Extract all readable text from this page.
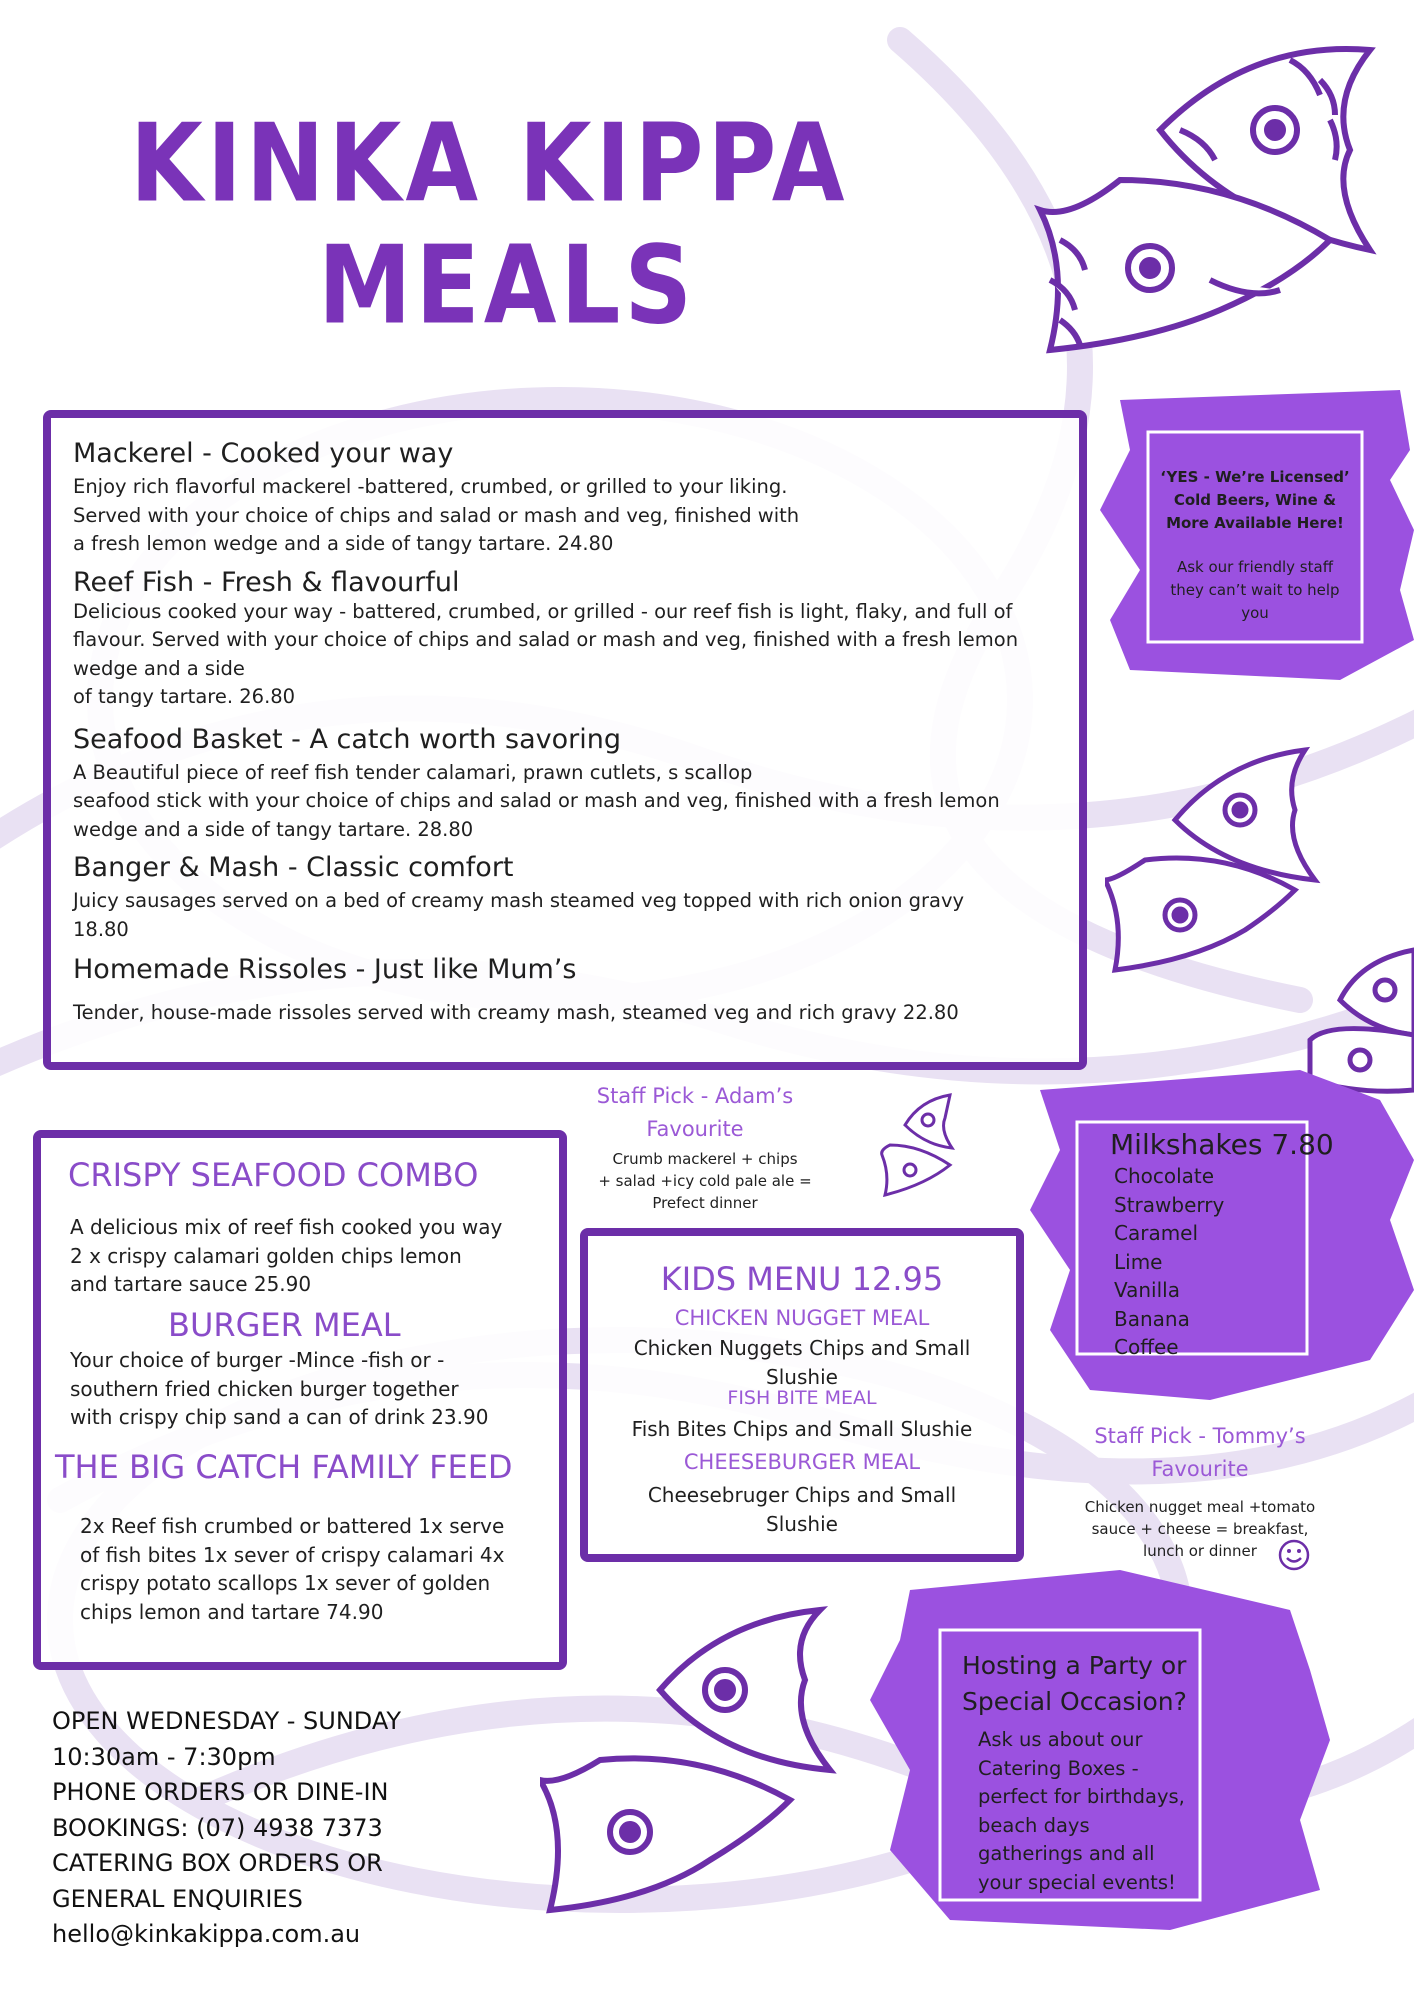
KINKA KIPPA
MEALS

Mackerel - Cooked your way

Enjoy rich flavorful mackerel -battered, crumbed, or grilled to your liking.
Served with your choice of chips and salad or mash and veg, finished with
a fresh lemon wedge and a side of tangy tartare. 24.80

Reef Fish - Fresh & flavourful

Delicious cooked your way - battered, crumbed, or grilled - our reef fish is light, flaky, and full of
flavour. Served with your choice of chips and salad or mash and veg, finished with a fresh lemon
wedge and a side
of tangy tartare. 26.80

Seafood Basket - A catch worth savoring

A Beautiful piece of reef fish tender calamari, prawn cutlets, s scallop
seafood stick with your choice of chips and salad or mash and veg, finished with a fresh lemon
wedge and a side of tangy tartare. 28.80

Banger & Mash - Classic comfort

Juicy sausages served on a bed of creamy mash steamed veg topped with rich onion gravy
18.80

Homemade Rissoles - Just like Mum’s

Tender, house-made rissoles served with creamy mash, steamed veg and rich gravy 22.80

‘YES - We’re Licensed’
Cold Beers, Wine &
More Available Here!
Ask our friendly staff
they can’t wait to help
you
Staff Pick - Adam’s
Favourite
Crumb mackerel + chips
+ salad +icy cold pale ale =
Prefect dinner
CRISPY SEAFOOD COMBO
A delicious mix of reef fish cooked you way
2 x crispy calamari golden chips lemon
and tartare sauce 25.90
BURGER MEAL
Your choice of burger -Mince -fish or -
southern fried chicken burger together
with crispy chip sand a can of drink 23.90
THE BIG CATCH FAMILY FEED
2x Reef fish crumbed or battered 1x serve
of fish bites 1x sever of crispy calamari 4x
crispy potato scallops 1x sever of golden
chips lemon and tartare 74.90
KIDS MENU 12.95
CHICKEN NUGGET MEAL
Chicken Nuggets Chips and Small
Slushie
FISH BITE MEAL
Fish Bites Chips and Small Slushie
CHEESEBURGER MEAL
Cheesebruger Chips and Small
Slushie
Milkshakes 7.80
Chocolate
Strawberry
Caramel
Lime
Vanilla
Banana
Coffee
Staff Pick - Tommy’s
Favourite
Chicken nugget meal +tomato
sauce + cheese = breakfast,
lunch or dinner
OPEN WEDNESDAY - SUNDAY
10:30am - 7:30pm
PHONE ORDERS OR DINE-IN
BOOKINGS: (07) 4938 7373
CATERING BOX ORDERS OR
GENERAL ENQUIRIES
hello@kinkakippa.com.au
Hosting a Party or
Special Occasion?
Ask us about our
Catering Boxes -
perfect for birthdays,
beach days
gatherings and all
your special events!
